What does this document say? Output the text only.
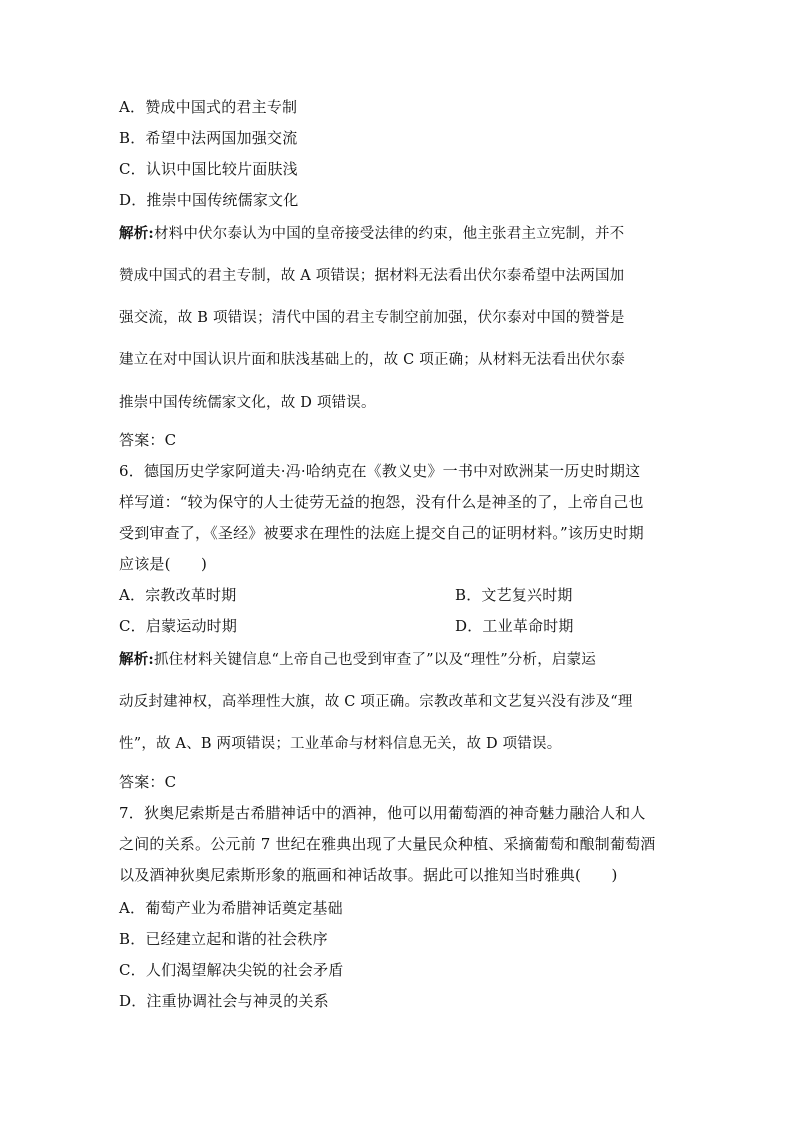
A．赞成中国式的君主专制
B．希望中法两国加强交流
C．认识中国比较片面肤浅
D．推崇中国传统儒家文化
解析:材料中伏尔泰认为中国的皇帝接受法律的约束，他主张君主立宪制，并不
赞成中国式的君主专制，故 A 项错误；据材料无法看出伏尔泰希望中法两国加
强交流，故 B 项错误；清代中国的君主专制空前加强，伏尔泰对中国的赞誉是
建立在对中国认识片面和肤浅基础上的，故 C 项正确；从材料无法看出伏尔泰
推崇中国传统儒家文化，故 D 项错误。
答案：C
6．德国历史学家阿道夫·冯·哈纳克在《教义史》一书中对欧洲某一历史时期这
样写道：“较为保守的人士徒劳无益的抱怨，没有什么是神圣的了，上帝自己也
受到审查了，《圣经》被要求在理性的法庭上提交自己的证明材料。”该历史时期
应该是(　　)
A．宗教改革时期	B．文艺复兴时期
C．启蒙运动时期	D．工业革命时期
解析:抓住材料关键信息“上帝自己也受到审查了”以及“理性”分析，启蒙运
动反封建神权，高举理性大旗，故 C 项正确。宗教改革和文艺复兴没有涉及“理
性”，故 A、B 两项错误；工业革命与材料信息无关，故 D 项错误。
答案：C
7．狄奥尼索斯是古希腊神话中的酒神，他可以用葡萄酒的神奇魅力融洽人和人
之间的关系。公元前 7 世纪在雅典出现了大量民众种植、采摘葡萄和酿制葡萄酒
以及酒神狄奥尼索斯形象的瓶画和神话故事。据此可以推知当时雅典(　　)
A．葡萄产业为希腊神话奠定基础
B．已经建立起和谐的社会秩序
C．人们渴望解决尖锐的社会矛盾
D．注重协调社会与神灵的关系
